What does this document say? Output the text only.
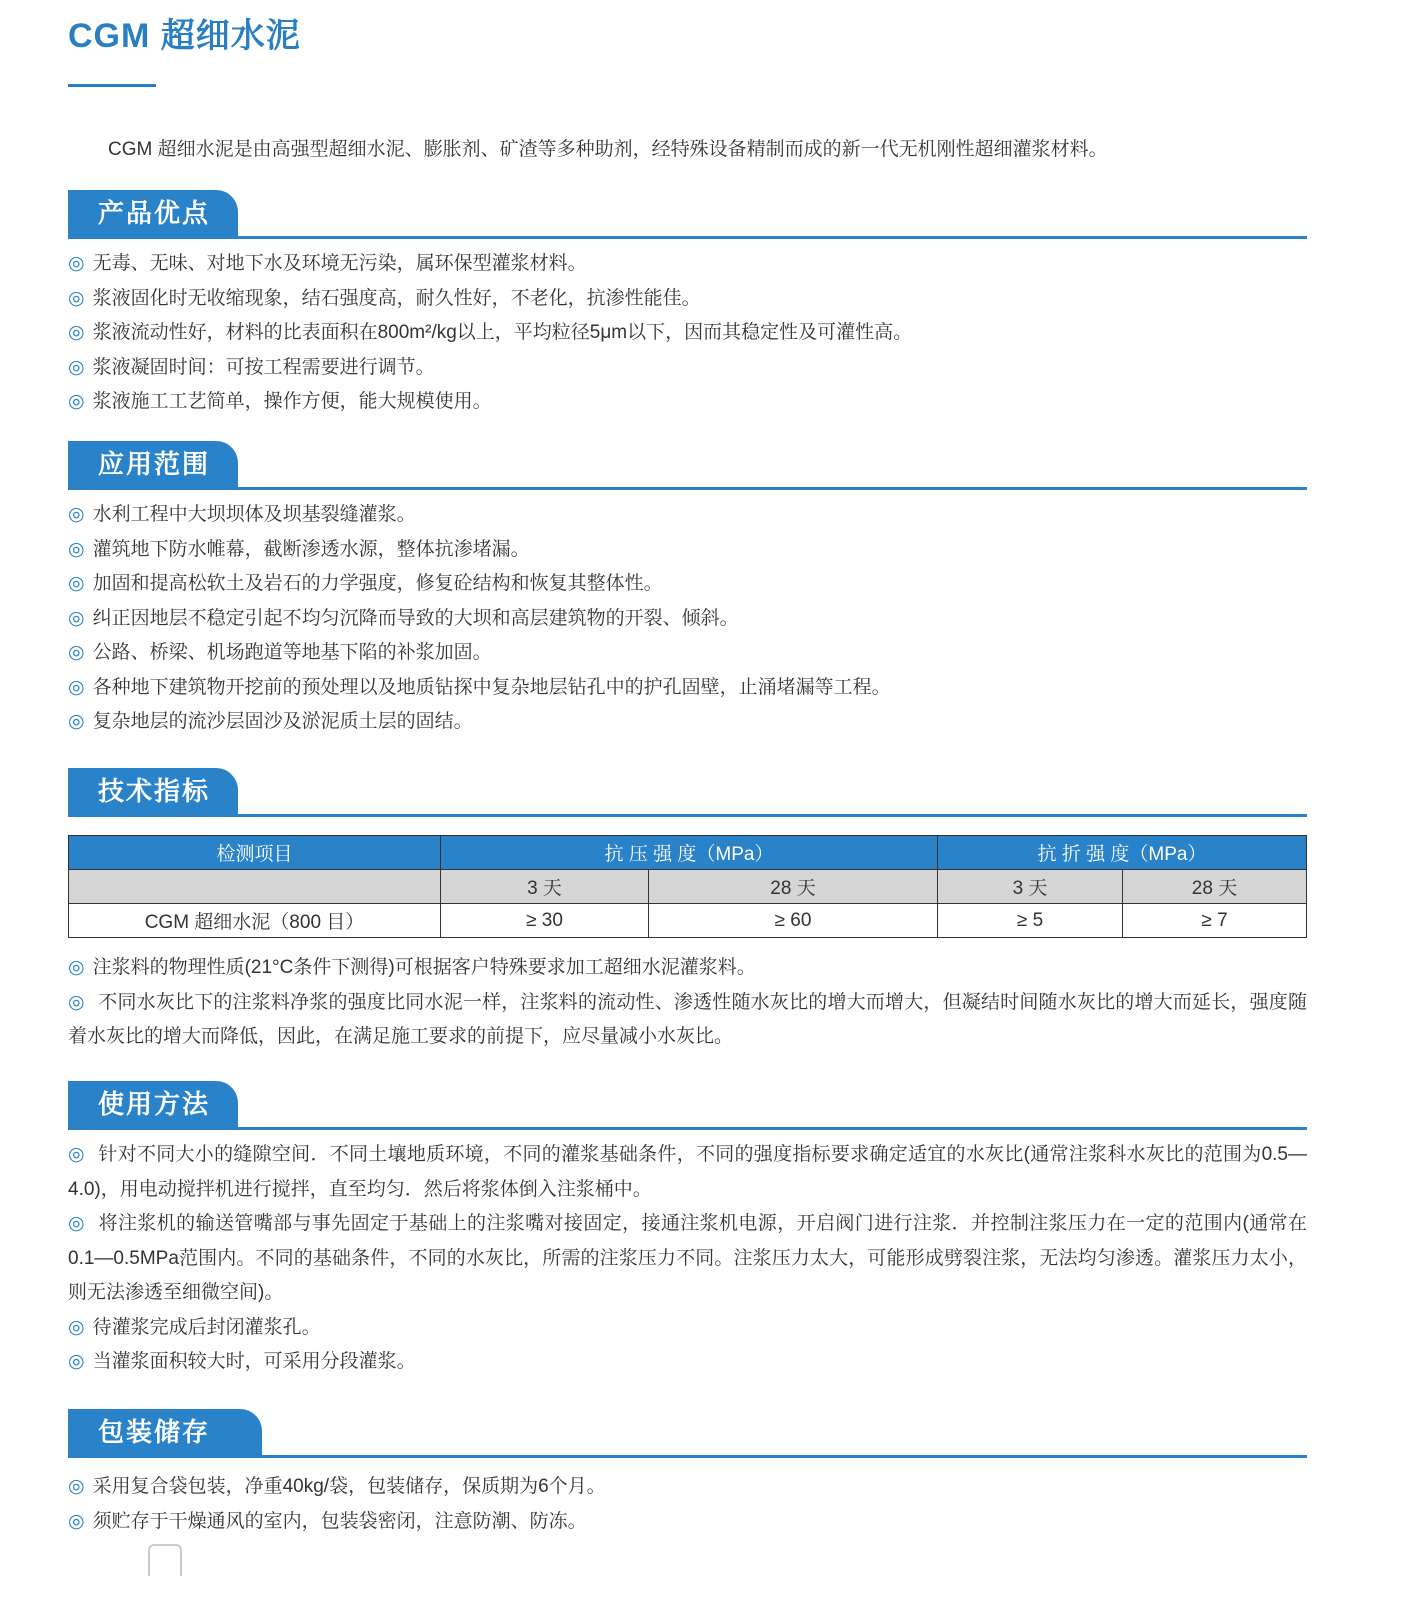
CGM 超细水泥
CGM 超细水泥是由高强型超细水泥、膨胀剂、矿渣等多种助剂，经特殊设备精制而成的新一代无机刚性超细灌浆材料。
产品优点
◎ 无毒、无味、对地下水及环境无污染，属环保型灌浆材料。
◎ 浆液固化时无收缩现象，结石强度高，耐久性好，不老化，抗渗性能佳。
◎ 浆液流动性好，材料的比表面积在800m²/kg以上，平均粒径5μm以下，因而其稳定性及可灌性高。
◎ 浆液凝固时间：可按工程需要进行调节。
◎ 浆液施工工艺简单，操作方便，能大规模使用。
应用范围
◎ 水利工程中大坝坝体及坝基裂缝灌浆。
◎ 灌筑地下防水帷幕，截断渗透水源，整体抗渗堵漏。
◎ 加固和提高松软土及岩石的力学强度，修复砼结构和恢复其整体性。
◎ 纠正因地层不稳定引起不均匀沉降而导致的大坝和高层建筑物的开裂、倾斜。
◎ 公路、桥梁、机场跑道等地基下陷的补浆加固。
◎ 各种地下建筑物开挖前的预处理以及地质钻探中复杂地层钻孔中的护孔固壁，止涌堵漏等工程。
◎ 复杂地层的流沙层固沙及淤泥质土层的固结。
技术指标
检测项目	抗 压 强 度（MPa）		抗 折 强 度（MPa）	
	3 天	28 天	3 天	28 天
CGM 超细水泥（800 目）	≥ 30	≥ 60	≥ 5	≥ 7
◎ 注浆料的物理性质(21°C条件下测得)可根据客户特殊要求加工超细水泥灌浆料。
◎ 不同水灰比下的注浆料净浆的强度比同水泥一样，注浆料的流动性、渗透性随水灰比的增大而增大，但凝结时间随水灰比的增大而延长，强度随着水灰比的增大而降低，因此，在满足施工要求的前提下，应尽量减小水灰比。
使用方法
◎ 针对不同大小的缝隙空间．不同土壤地质环境，不同的灌浆基础条件，不同的强度指标要求确定适宜的水灰比(通常注浆科水灰比的范围为0.5—4.0)，用电动搅拌机进行搅拌，直至均匀．然后将浆体倒入注浆桶中。
◎ 将注浆机的输送管嘴部与事先固定于基础上的注浆嘴对接固定，接通注浆机电源，开启阀门进行注浆．并控制注浆压力在一定的范围内(通常在0.1—0.5MPa范围内。不同的基础条件，不同的水灰比，所需的注浆压力不同。注浆压力太大，可能形成劈裂注浆，无法均匀渗透。灌浆压力太小，则无法渗透至细微空间)。
◎ 待灌浆完成后封闭灌浆孔。
◎ 当灌浆面积较大时，可采用分段灌浆。
包装储存
◎ 采用复合袋包装，净重40kg/袋，包装储存，保质期为6个月。
◎ 须贮存于干燥通风的室内，包装袋密闭，注意防潮、防冻。
